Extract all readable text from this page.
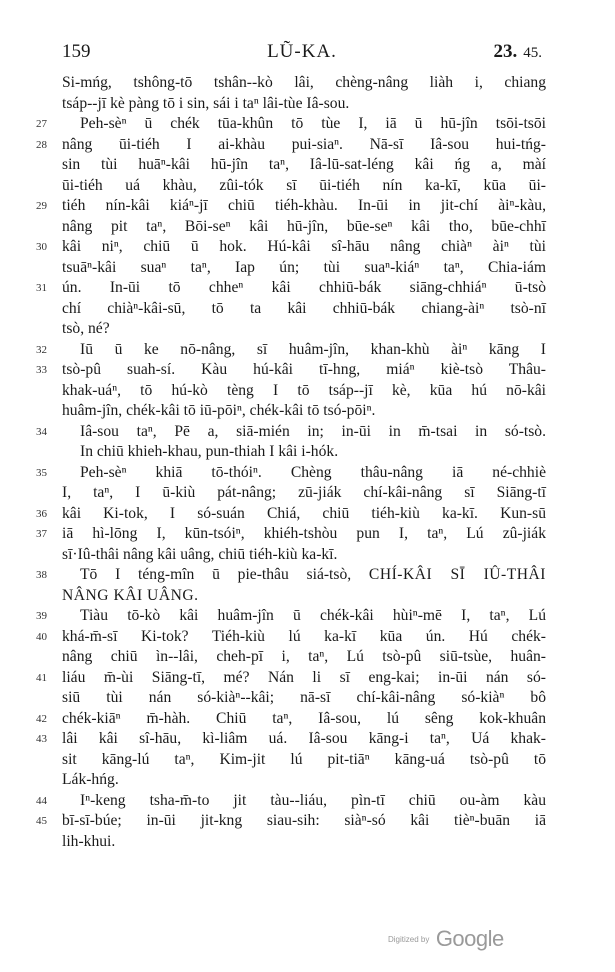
159	LŨ-KA.	23. 45.
Si-mńg, tshông-tō tshân--kò lâi, chèng-nâng liàh i, chiang
tsáp--jī kè pàng tō i sin, sái i taⁿ lâi-tùe Iâ-sou.
27	Peh-sèⁿ ū chék tūa-khûn tō tùe I, iā ū hū-jîn tsōi-tsōi
28 nâng ūi-tiéh I ai-khàu pui-siaⁿ. Nā-sī Iâ-sou hui-tńg-
sin tùi huāⁿ-kâi hū-jîn taⁿ, Iâ-lū-sat-léng kâi ńg a, màí
ūi-tiéh uá khàu, zûi-tók sī ūi-tiéh nín ka-kī, kūa ūi-
29 tiéh nín-kâi kiáⁿ-jī chiū tiéh-khàu. In-ūi in jit-chí àiⁿ-kàu,
nâng pit taⁿ, Bōi-seⁿ kâi hū-jîn, būe-seⁿ kâi tho, būe-chhī
30 kâi niⁿ, chiū ū hok. Hú-kâi sî-hāu nâng chiàⁿ àiⁿ tùi
tsuāⁿ-kâi suaⁿ taⁿ, Iap ún; tùi suaⁿ-kiáⁿ taⁿ, Chia-iám
31 ún. In-ūi tō chheⁿ kâi chhiū-bák siāng-chhiáⁿ ū-tsò
chí chiàⁿ-kâi-sū, tō ta kâi chhiū-bák chiang-àiⁿ tsò-nī
tsò, né?
32	Iū ū ke nō-nâng, sī huâm-jîn, khan-khù àiⁿ kāng I
33 tsò-pû suah-sí. Kàu hú-kâi tī-hng, miáⁿ kiè-tsò Thâu-
khak-uáⁿ, tō hú-kò tèng I tō tsáp--jī kè, kūa hú nō-kâi
huâm-jîn, chék-kâi tō iū-pōiⁿ, chék-kâi tō tsó-pōiⁿ.
34	Iâ-sou taⁿ, Pē a, siā-mién in; in-ūi in m̄-tsai in só-tsò.
In chiū khieh-khau, pun-thiah I kâi i-hók.
35	Peh-sèⁿ khiā tō-thóiⁿ. Chèng thâu-nâng iā né-chhiè
I, taⁿ, I ū-kiù pát-nâng; zū-jiák chí-kâi-nâng sī Siāng-tī
36 kâi Ki-tok, I só-suán Chiá, chiū tiéh-kiù ka-kī. Kun-sū
37 iā hì-lōng I, kūn-tsóiⁿ, khiéh-tshòu pun I, taⁿ, Lú zû-jiák
sī·Iû-thâi nâng kâi uâng, chiū tiéh-kiù ka-kī.
38	Tō I téng-mîn ū pie-thâu siá-tsò, CHÍ-KÂI SĪ IÛ-THÂI
NÂNG KÂI UÂNG.
39	Tiàu tō-kò kâi huâm-jîn ū chék-kâi hùiⁿ-mē I, taⁿ, Lú
40 khá-m̄-sī Ki-tok? Tiéh-kiù lú ka-kī kūa ún. Hú chék-
nâng chiū ìn--lâi, cheh-pī i, taⁿ, Lú tsò-pû siū-tsùe, huân-
41 liáu m̄-ùi Siāng-tī, mé? Nán li sī eng-kai; in-ūi nán só-
siū tùi nán só-kiàⁿ--kâi; nā-sī chí-kâi-nâng só-kiàⁿ bô
42 chék-kiāⁿ m̄-hàh. Chiū taⁿ, Iâ-sou, lú sêng kok-khuân
43 lâi kâi sî-hāu, kì-liâm uá. Iâ-sou kāng-i taⁿ, Uá khak-
sit kāng-lú taⁿ, Kim-jit lú pit-tiāⁿ kāng-uá tsò-pû tō
Lák-hńg.
44	Iⁿ-keng tsha-m̄-to jit tàu--liáu, pìn-tī chiū ou-àm kàu
45 bī-sī-búe; in-ūi jit-kng siau-sih: siàⁿ-só kâi tièⁿ-buān iā
lih-khui.
Digitized by Google
